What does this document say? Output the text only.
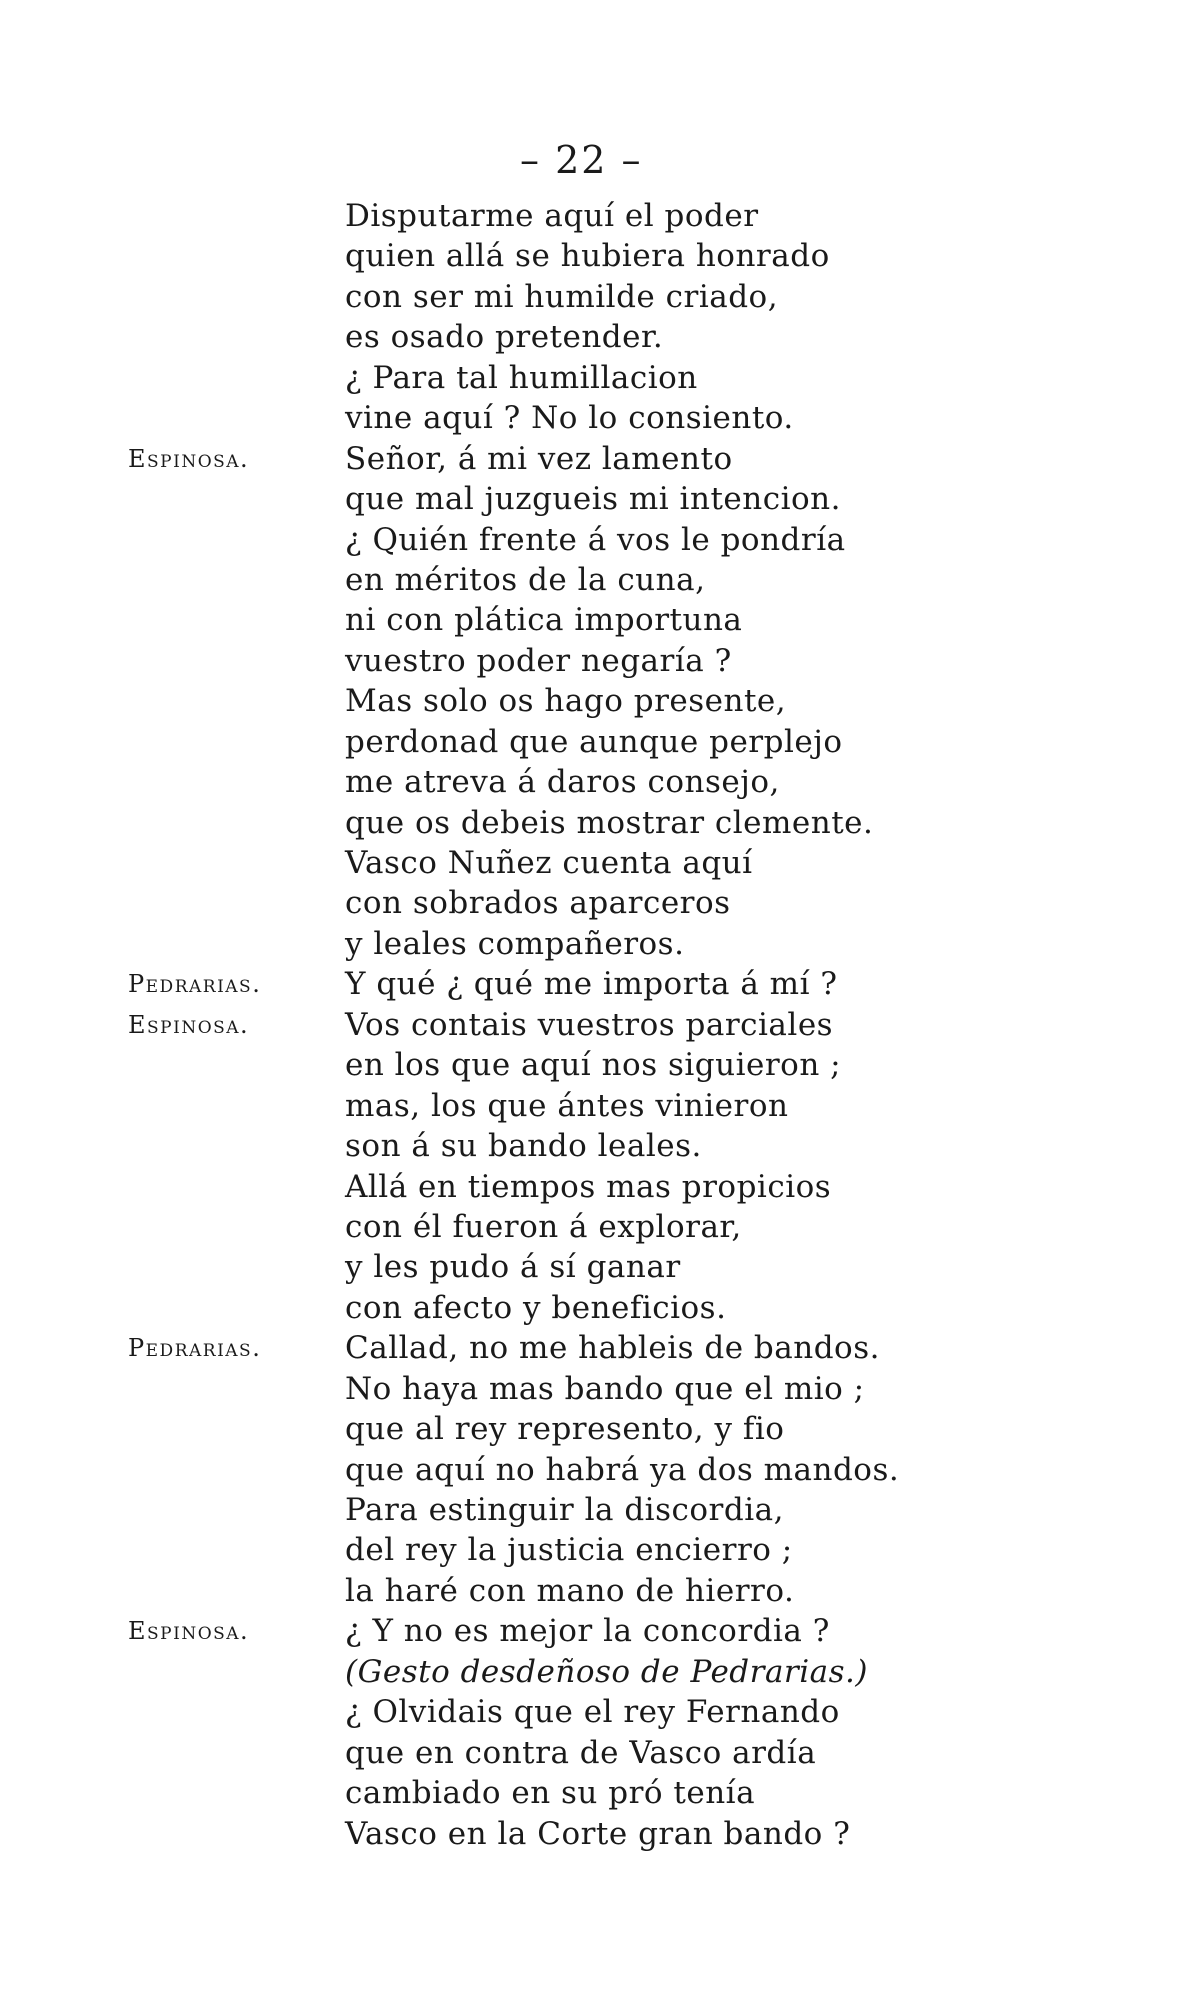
– 22 –
Disputarme aquí el poder
quien allá se hubiera honrado
con ser mi humilde criado,
es osado pretender.
¿ Para tal humillacion
vine aquí ? No lo consiento.
Espinosa.	Señor, á mi vez lamento
que mal juzgueis mi intencion.
¿ Quién frente á vos le pondría
en méritos de la cuna,
ni con plática importuna
vuestro poder negaría ?
Mas solo os hago presente,
perdonad que aunque perplejo
me atreva á daros consejo,
que os debeis mostrar clemente.
Vasco Nuñez cuenta aquí
con sobrados aparceros
y leales compañeros.
Pedrarias.	Y qué ¿ qué me importa á mí ?
Espinosa.	Vos contais vuestros parciales
en los que aquí nos siguieron ;
mas, los que ántes vinieron
son á su bando leales.
Allá en tiempos mas propicios
con él fueron á explorar,
y les pudo á sí ganar
con afecto y beneficios.
Pedrarias.	Callad, no me hableis de bandos.
No haya mas bando que el mio ;
que al rey represento, y fio
que aquí no habrá ya dos mandos.
Para estinguir la discordia,
del rey la justicia encierro ;
la haré con mano de hierro.
Espinosa.	¿ Y no es mejor la concordia ?
(Gesto desdeñoso de Pedrarias.)
¿ Olvidais que el rey Fernando
que en contra de Vasco ardía
cambiado en su pró tenía
Vasco en la Corte gran bando ?
